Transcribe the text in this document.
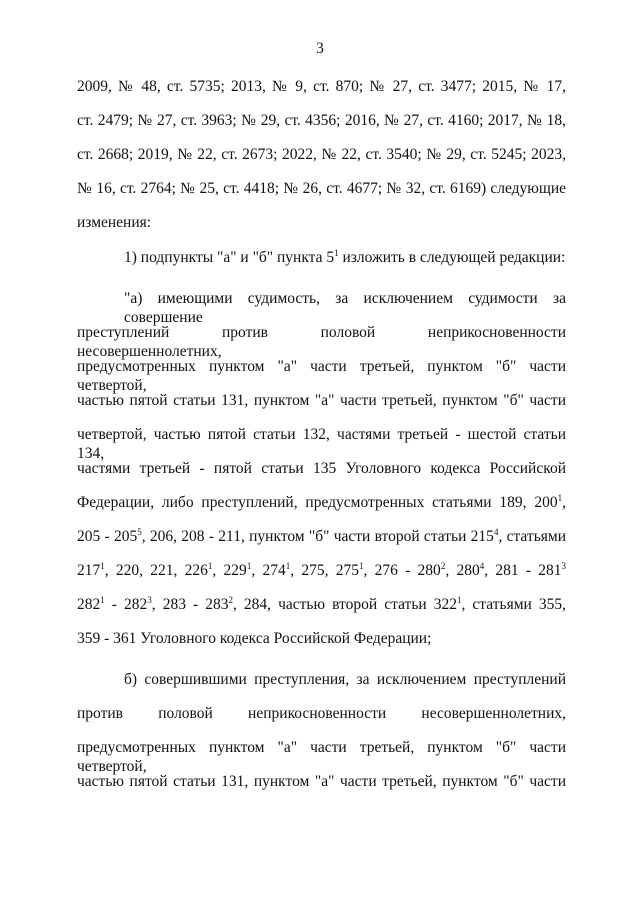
3
2009, № 48, ст. 5735; 2013, № 9, ст. 870; № 27, ст. 3477; 2015, № 17,
ст. 2479; № 27, ст. 3963; № 29, ст. 4356; 2016, № 27, ст. 4160; 2017, № 18,
ст. 2668; 2019, № 22, ст. 2673; 2022, № 22, ст. 3540; № 29, ст. 5245; 2023,
№ 16, ст. 2764; № 25, ст. 4418; № 26, ст. 4677; № 32, ст. 6169) следующие
изменения:
1) подпункты "а" и "б" пункта $5^1$ изложить в следующей редакции:
"а) имеющими судимость, за исключением судимости за совершение
преступлений против половой неприкосновенности несовершеннолетних,
предусмотренных пунктом "а" части третьей, пунктом "б" части четвертой,
частью пятой статьи 131, пунктом "а" части третьей, пунктом "б" части
четвертой, частью пятой статьи 132, частями третьей - шестой статьи 134,
частями третьей - пятой статьи 135 Уголовного кодекса Российской
Федерации, либо преступлений, предусмотренных статьями 189, $200^1$,
$205 - 205^5$, 206, 208 - 211, пунктом "б" части второй статьи $215^4$, статьями
$217^1$, 220, 221, $226^1$, $229^1$, $274^1$, 275, $275^1$, $276 - 280^2$, $280^4$, $281 - 281^3$
$282^1 - 282^3$, $283 - 283^2$, 284, частью второй статьи $322^1$, статьями 355,
359 - 361 Уголовного кодекса Российской Федерации;
б) совершившими преступления, за исключением преступлений
против половой неприкосновенности несовершеннолетних,
предусмотренных пунктом "а" части третьей, пунктом "б" части четвертой,
частью пятой статьи 131, пунктом "а" части третьей, пунктом "б" части
